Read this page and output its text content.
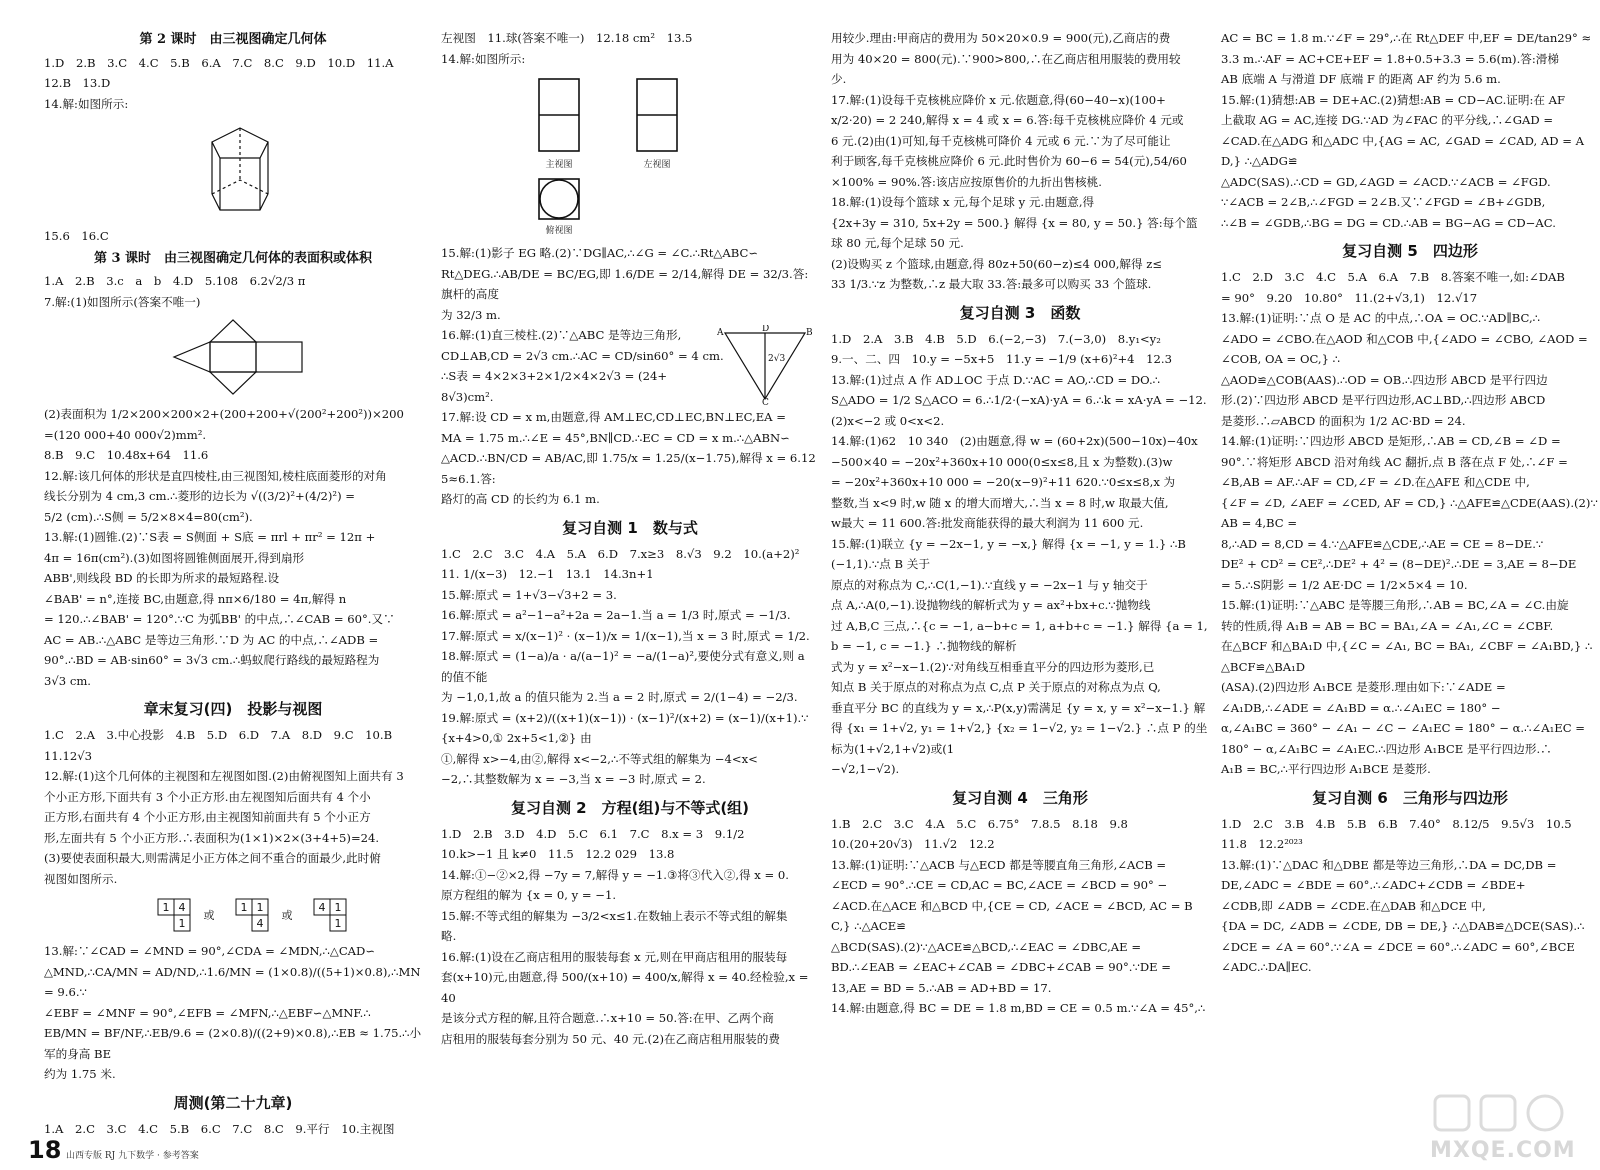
第 2 课时　由三视图确定几何体

1.D　2.B　3.C　4.C　5.B　6.A　7.C　8.C　9.D　10.D　11.A

12.B　13.D

14.解:如图所示:

15.6　16.C

第 3 课时　由三视图确定几何体的表面积或体积

1.A　2.B　3.c　a　b　4.D　5.108　6.2√2/3 π

7.解:(1)如图所示(答案不唯一)

(2)表面积为 1/2×200×200×2+(200+200+√(200²+200²))×200

=(120 000+40 000√2)mm².

8.B　9.C　10.48x+64　11.6

12.解:该几何体的形状是直四棱柱,由三视图知,棱柱底面菱形的对角

线长分别为 4 cm,3 cm.∴菱形的边长为 √((3/2)²+(4/2)²) =

5/2 (cm).∴S侧 = 5/2×8×4=80(cm²).

13.解:(1)圆锥.(2)∵S表 = S侧面 + S底 = πrl + πr² = 12π +

4π = 16π(cm²).(3)如图将圆锥侧面展开,得到扇形

ABB',则线段 BD 的长即为所求的最短路程.设

∠BAB' = n°,连接 BC,由题意,得 nπ×6/180 = 4π,解得 n

= 120.∴∠BAB' = 120°.∵C 为弧BB' 的中点,∴∠CAB = 60°.又∵

AC = AB.∴△ABC 是等边三角形.∵D 为 AC 的中点,∴∠ADB =

90°.∴BD = AB·sin60° = 3√3 cm.∴蚂蚁爬行路线的最短路程为

3√3 cm.

章末复习(四)　投影与视图

1.C　2.A　3.中心投影　4.B　5.D　6.D　7.A　8.D　9.C　10.B

11.12√3

12.解:(1)这个几何体的主视图和左视图如图.(2)由俯视图知上面共有 3

个小正方形,下面共有 3 个小正方形.由左视图知后面共有 4 个小

正方形,右面共有 4 个小正方形,由主视图知前面共有 5 个小正方

形,左面共有 5 个小正方形.∴表面积为(1×1)×2×(3+4+5)=24.

(3)要使表面积最大,则需满足小正方体之间不重合的面最少,此时俯

视图如图所示.

1 4
1
或
1 1
4
或
4 1
1

13.解:∵∠CAD = ∠MND = 90°,∠CDA = ∠MDN,∴△CAD∽

△MND,∴CA/MN = AD/ND,∴1.6/MN = (1×0.8)/((5+1)×0.8),∴MN = 9.6.∵

∠EBF = ∠MNF = 90°,∠EFB = ∠MFN,∴△EBF∽△MNF.∴

EB/MN = BF/NF,∴EB/9.6 = (2×0.8)/((2+9)×0.8),∴EB ≈ 1.75.∴小军的身高 BE

约为 1.75 米.

周测(第二十九章)

1.A　2.C　3.C　4.C　5.B　6.C　7.C　8.C　9.平行　10.主视图

左视图　11.球(答案不唯一)　12.18 cm²　13.5

14.解:如图所示:

主视图	左视图
俯视图

15.解:(1)影子 EG 略.(2)∵DG∥AC,∴∠G = ∠C.∴Rt△ABC∽

Rt△DEG.∴AB/DE = BC/EG,即 1.6/DE = 2/14,解得 DE = 32/3.答:旗杆的高度

为 32/3 m.

A	D	B
C
2√3

16.解:(1)直三棱柱.(2)∵△ABC 是等边三角形,

CD⊥AB,CD = 2√3 cm.∴AC = CD/sin60° = 4 cm.

∴S表 = 4×2×3+2×1/2×4×2√3 = (24+

8√3)cm².

17.解:设 CD = x m,由题意,得 AM⊥EC,CD⊥EC,BN⊥EC,EA =

MA = 1.75 m.∴∠E = 45°,BN∥CD.∴EC = CD = x m.∴△ABN∽

△ACD.∴BN/CD = AB/AC,即 1.75/x = 1.25/(x−1.75),解得 x = 6.125≈6.1.答:

路灯的高 CD 的长约为 6.1 m.

复习自测 1　数与式

1.C　2.C　3.C　4.A　5.A　6.D　7.x≥3　8.√3　9.2　10.(a+2)²

11. 1/(x−3)　12.−1　13.1　14.3n+1

15.解:原式 = 1+√3−√3+2 = 3.

16.解:原式 = a²−1−a²+2a = 2a−1.当 a = 1/3 时,原式 = −1/3.

17.解:原式 = x/(x−1)² · (x−1)/x = 1/(x−1),当 x = 3 时,原式 = 1/2.

18.解:原式 = (1−a)/a · a/(a−1)² = −a/(1−a)²,要使分式有意义,则 a 的值不能

为 −1,0,1,故 a 的值只能为 2.当 a = 2 时,原式 = 2/(1−4) = −2/3.

19.解:原式 = (x+2)/((x+1)(x−1)) · (x−1)²/(x+2) = (x−1)/(x+1).∵ {x+4>0,① 2x+5<1,②} 由

①,解得 x>−4,由②,解得 x<−2,∴不等式组的解集为 −4<x<

−2,∴其整数解为 x = −3,当 x = −3 时,原式 = 2.

复习自测 2　方程(组)与不等式(组)

1.D　2.B　3.D　4.D　5.C　6.1　7.C　8.x = 3　9.1/2

10.k>−1 且 k≠0　11.5　12.2 029　13.8

14.解:①−②×2,得 −7y = 7,解得 y = −1.③将③代入②,得 x = 0.

原方程组的解为 {x = 0, y = −1.

15.解:不等式组的解集为 −3/2<x≤1.在数轴上表示不等式组的解集

略.

16.解:(1)设在乙商店租用的服装每套 x 元,则在甲商店租用的服装每

套(x+10)元,由题意,得 500/(x+10) = 400/x,解得 x = 40.经检验,x = 40

是该分式方程的解,且符合题意.∴x+10 = 50.答:在甲、乙两个商

店租用的服装每套分别为 50 元、40 元.(2)在乙商店租用服装的费

用较少.理由:甲商店的费用为 50×20×0.9 = 900(元),乙商店的费

用为 40×20 = 800(元).∵900>800,∴在乙商店租用服装的费用较

少.

17.解:(1)设每千克核桃应降价 x 元.依题意,得(60−40−x)(100+

x/2·20) = 2 240,解得 x = 4 或 x = 6.答:每千克核桃应降价 4 元或

6 元.(2)由(1)可知,每千克核桃可降价 4 元或 6 元.∵为了尽可能让

利于顾客,每千克核桃应降价 6 元.此时售价为 60−6 = 54(元),54/60

×100% = 90%.答:该店应按原售价的九折出售核桃.

18.解:(1)设每个篮球 x 元,每个足球 y 元.由题意,得

{2x+3y = 310, 5x+2y = 500.} 解得 {x = 80, y = 50.} 答:每个篮球 80 元,每个足球 50 元.

(2)设购买 z 个篮球,由题意,得 80z+50(60−z)≤4 000,解得 z≤

33 1/3.∵z 为整数,∴z 最大取 33.答:最多可以购买 33 个篮球.

复习自测 3　函数

1.D　2.A　3.B　4.B　5.D　6.(−2,−3)　7.(−3,0)　8.y₁<y₂

9.一、二、四　10.y = −5x+5　11.y = −1/9 (x+6)²+4　12.3

13.解:(1)过点 A 作 AD⊥OC 于点 D.∵AC = AO,∴CD = DO.∴

S△ADO = 1/2 S△ACO = 6.∴1/2·(−xA)·yA = 6.∴k = xA·yA = −12.

(2)x<−2 或 0<x<2.

14.解:(1)62　10 340　(2)由题意,得 w = (60+2x)(500−10x)−40x

−500×40 = −20x²+360x+10 000(0≤x≤8,且 x 为整数).(3)w

= −20x²+360x+10 000 = −20(x−9)²+11 620.∵0≤x≤8,x 为

整数,当 x<9 时,w 随 x 的增大而增大,∴当 x = 8 时,w 取最大值,

w最大 = 11 600.答:批发商能获得的最大利润为 11 600 元.

15.解:(1)联立 {y = −2x−1, y = −x,} 解得 {x = −1, y = 1.} ∴B(−1,1).∵点 B 关于

原点的对称点为 C,∴C(1,−1).∵直线 y = −2x−1 与 y 轴交于

点 A,∴A(0,−1).设抛物线的解析式为 y = ax²+bx+c.∵抛物线

过 A,B,C 三点,∴{c = −1, a−b+c = 1, a+b+c = −1.} 解得 {a = 1, b = −1, c = −1.} ∴抛物线的解析

式为 y = x²−x−1.(2)∵对角线互相垂直平分的四边形为菱形,已

知点 B 关于原点的对称点为点 C,点 P 关于原点的对称点为点 Q,

垂直平分 BC 的直线为 y = x,∴P(x,y)需满足 {y = x, y = x²−x−1.} 解

得 {x₁ = 1+√2, y₁ = 1+√2,} {x₂ = 1−√2, y₂ = 1−√2.} ∴点 P 的坐标为(1+√2,1+√2)或(1

−√2,1−√2).

复习自测 4　三角形

1.B　2.C　3.C　4.A　5.C　6.75°　7.8.5　8.18　9.8

10.(20+20√3)　11.√2　12.2

13.解:(1)证明:∵△ACB 与△ECD 都是等腰直角三角形,∠ACB =

∠ECD = 90°.∴CE = CD,AC = BC,∠ACE = ∠BCD = 90° −

∠ACD.在△ACE 和△BCD 中,{CE = CD, ∠ACE = ∠BCD, AC = BC,} ∴△ACE≌

△BCD(SAS).(2)∵△ACE≌△BCD,∴∠EAC = ∠DBC,AE =

BD.∴∠EAB = ∠EAC+∠CAB = ∠DBC+∠CAB = 90°.∵DE =

13,AE = BD = 5.∴AB = AD+BD = 17.

14.解:由题意,得 BC = DE = 1.8 m,BD = CE = 0.5 m.∵∠A = 45°,∴

AC = BC = 1.8 m.∵∠F = 29°,∴在 Rt△DEF 中,EF = DE/tan29° ≈

3.3 m.∴AF = AC+CE+EF = 1.8+0.5+3.3 = 5.6(m).答:滑梯

AB 底端 A 与滑道 DF 底端 F 的距离 AF 约为 5.6 m.

15.解:(1)猜想:AB = DE+AC.(2)猜想:AB = CD−AC.证明:在 AF

上截取 AG = AC,连接 DG.∵AD 为∠FAC 的平分线,∴∠GAD =

∠CAD.在△ADG 和△ADC 中,{AG = AC, ∠GAD = ∠CAD, AD = AD,} ∴△ADG≌

△ADC(SAS).∴CD = GD,∠AGD = ∠ACD.∵∠ACB = ∠FGD.

∵∠ACB = 2∠B,∴∠FGD = 2∠B.又∵∠FGD = ∠B+∠GDB,

∴∠B = ∠GDB,∴BG = DG = CD.∴AB = BG−AG = CD−AC.

复习自测 5　四边形

1.C　2.D　3.C　4.C　5.A　6.A　7.B　8.答案不唯一,如:∠DAB

= 90°　9.20　10.80°　11.(2+√3,1)　12.√17

13.解:(1)证明:∵点 O 是 AC 的中点,∴OA = OC.∵AD∥BC,∴

∠ADO = ∠CBO.在△AOD 和△COB 中,{∠ADO = ∠CBO, ∠AOD = ∠COB, OA = OC,} ∴

△AOD≌△COB(AAS).∴OD = OB.∴四边形 ABCD 是平行四边

形.(2)∵四边形 ABCD 是平行四边形,AC⊥BD,∴四边形 ABCD

是菱形.∴▱ABCD 的面积为 1/2 AC·BD = 24.

14.解:(1)证明:∵四边形 ABCD 是矩形,∴AB = CD,∠B = ∠D =

90°.∵将矩形 ABCD 沿对角线 AC 翻折,点 B 落在点 F 处,∴∠F =

∠B,AB = AF.∴AF = CD,∠F = ∠D.在△AFE 和△CDE 中,

{∠F = ∠D, ∠AEF = ∠CED, AF = CD,} ∴△AFE≌△CDE(AAS).(2)∵AB = 4,BC =

8,∴AD = 8,CD = 4.∵△AFE≌△CDE,∴AE = CE = 8−DE.∵

DE² + CD² = CE²,∴DE² + 4² = (8−DE)².∴DE = 3,AE = 8−DE

= 5.∴S阴影 = 1/2 AE·DC = 1/2×5×4 = 10.

15.解:(1)证明:∵△ABC 是等腰三角形,∴AB = BC,∠A = ∠C.由旋

转的性质,得 A₁B = AB = BC = BA₁,∠A = ∠A₁,∠C = ∠CBF.

在△BCF 和△BA₁D 中,{∠C = ∠A₁, BC = BA₁, ∠CBF = ∠A₁BD,} ∴△BCF≌△BA₁D

(ASA).(2)四边形 A₁BCE 是菱形.理由如下:∵∠ADE =

∠A₁DB,∴∠ADE = ∠A₁BD = α.∴∠A₁EC = 180° −

α,∠A₁BC = 360° − ∠A₁ − ∠C − ∠A₁EC = 180° − α.∴∠A₁EC =

180° − α,∠A₁BC = ∠A₁EC.∴四边形 A₁BCE 是平行四边形.∴

A₁B = BC,∴平行四边形 A₁BCE 是菱形.

复习自测 6　三角形与四边形

1.D　2.C　3.B　4.B　5.B　6.B　7.40°　8.12/5　9.5√3　10.5

11.8　12.2²⁰²³

13.解:(1)∵△DAC 和△DBE 都是等边三角形,∴DA = DC,DB =

DE,∠ADC = ∠BDE = 60°.∴∠ADC+∠CDB = ∠BDE+

∠CDB,即 ∠ADB = ∠CDE.在△DAB 和△DCE 中,

{DA = DC, ∠ADB = ∠CDE, DB = DE,} ∴△DAB≌△DCE(SAS).∴

∠DCE = ∠A = 60°.∵∠A = ∠DCE = 60°.∴∠ADC = 60°,∠BCE

∠ADC.∴DA∥EC.

18 山西专版 RJ 九下数学 · 参考答案	MXQE.COM
